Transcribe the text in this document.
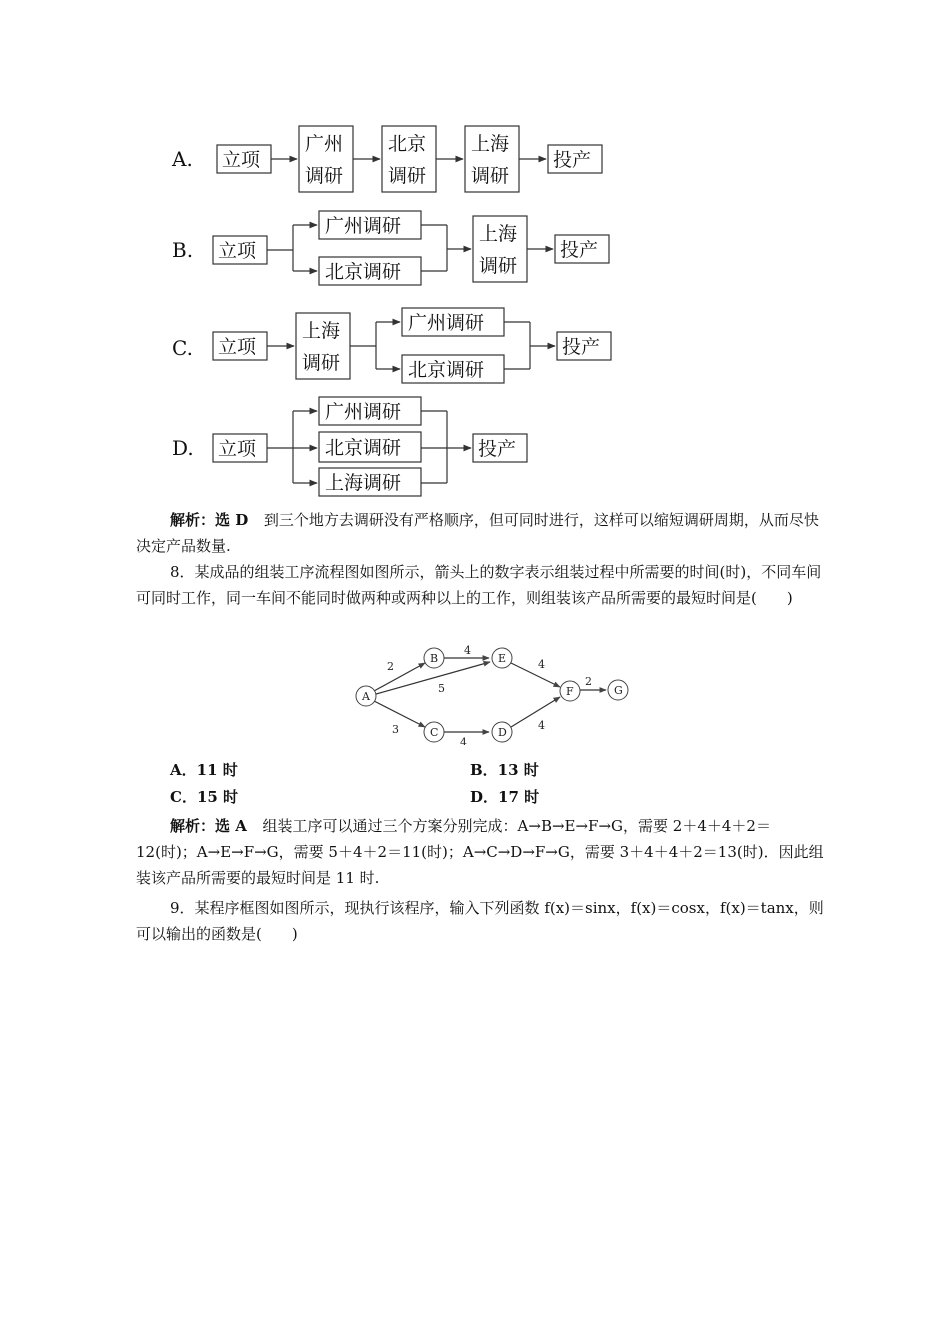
A. 立项
广州
调研
北京
调研
上海
调研
投产
B. 立项
广州调研
北京调研
上海
调研
投产
C. 立项
上海
调研
广州调研
北京调研
投产
D. 立项
广州调研
北京调研
上海调研
投产

解析：选 D 到三个地方去调研没有严格顺序，但可同时进行，这样可以缩短调研周期，从而尽快决定产品数量.

8．某成品的组装工序流程图如图所示，箭头上的数字表示组装过程中所需要的时间(时)，不同车间可同时工作，同一车间不能同时做两种或两种以上的工作，则组装该产品所需要的最短时间是(　　)

2
4
5
3
4
4
4
2
A
B
C	D
E
F	G
A．11 时	B．13 时
C．15 时	D．17 时

解析：选 A 组装工序可以通过三个方案分别完成：A→B→E→F→G，需要 2＋4＋4＋2＝12(时)；A→E→F→G，需要 5＋4＋2＝11(时)；A→C→D→F→G，需要 3＋4＋4＋2＝13(时)．因此组装该产品所需要的最短时间是 11 时.

9．某程序框图如图所示，现执行该程序，输入下列函数 f(x)＝sinx，f(x)＝cosx，f(x)＝tanx，则可以输出的函数是(　　)
